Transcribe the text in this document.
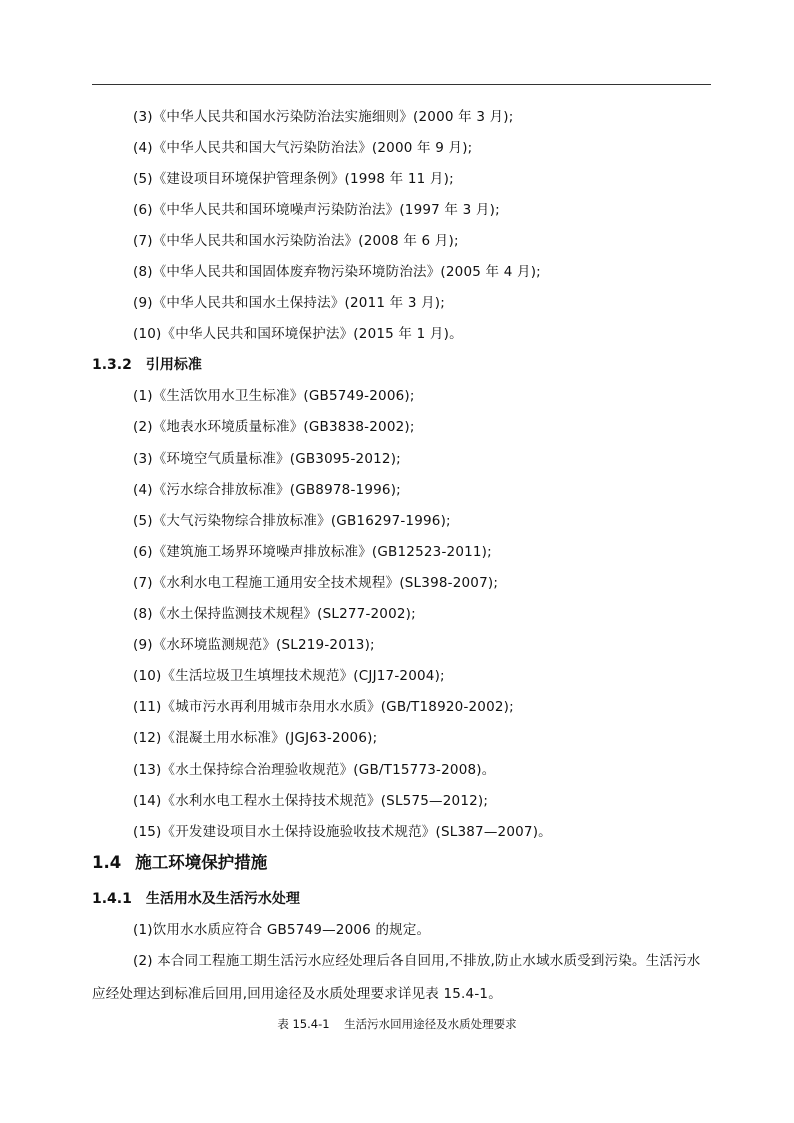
(3)《中华人民共和国水污染防治法实施细则》(2000 年 3 月);
(4)《中华人民共和国大气污染防治法》(2000 年 9 月);
(5)《建设项目环境保护管理条例》(1998 年 11 月);
(6)《中华人民共和国环境噪声污染防治法》(1997 年 3 月);
(7)《中华人民共和国水污染防治法》(2008 年 6 月);
(8)《中华人民共和国固体废弃物污染环境防治法》(2005 年 4 月);
(9)《中华人民共和国水土保持法》(2011 年 3 月);
(10)《中华人民共和国环境保护法》(2015 年 1 月)。
1.3.2 引用标准
(1)《生活饮用水卫生标准》(GB5749-2006);
(2)《地表水环境质量标准》(GB3838-2002);
(3)《环境空气质量标准》(GB3095-2012);
(4)《污水综合排放标准》(GB8978-1996);
(5)《大气污染物综合排放标准》(GB16297-1996);
(6)《建筑施工场界环境噪声排放标准》(GB12523-2011);
(7)《水利水电工程施工通用安全技术规程》(SL398-2007);
(8)《水土保持监测技术规程》(SL277-2002);
(9)《水环境监测规范》(SL219-2013);
(10)《生活垃圾卫生填埋技术规范》(CJJ17-2004);
(11)《城市污水再利用城市杂用水水质》(GB/T18920-2002);
(12)《混凝土用水标准》(JGJ63-2006);
(13)《水土保持综合治理验收规范》(GB/T15773-2008)。
(14)《水利水电工程水土保持技术规范》(SL575—2012);
(15)《开发建设项目水土保持设施验收技术规范》(SL387—2007)。
1.4 施工环境保护措施
1.4.1 生活用水及生活污水处理
(1)饮用水水质应符合 GB5749—2006 的规定。
(2) 本合同工程施工期生活污水应经处理后各自回用,不排放,防止水域水质受到污染。生活污水应经处理达到标准后回用,回用途径及水质处理要求详见表 15.4-1。
表 15.4-1    生活污水回用途径及水质处理要求
